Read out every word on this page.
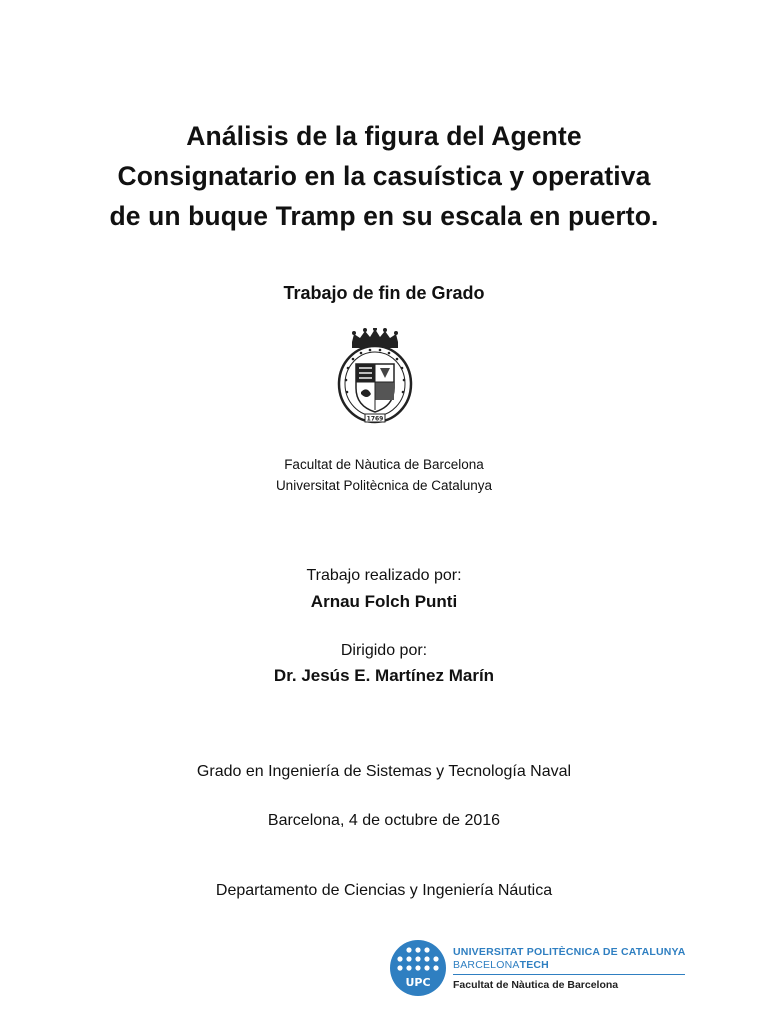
Análisis de la figura del Agente
Consignatario en la casuística y operativa
de un buque Tramp en su escala en puerto.
Trabajo de fin de Grado
1769
Facultat de Nàutica de Barcelona
Universitat Politècnica de Catalunya
Trabajo realizado por:
Arnau Folch Punti
Dirigido por:
Dr. Jesús E. Martínez Marín
Grado en Ingeniería de Sistemas y Tecnología Naval
Barcelona, 4 de octubre de 2016
Departamento de Ciencias y Ingeniería Náutica
UPC
UNIVERSITAT POLITÈCNICA DE CATALUNYA
BARCELONATECH
Facultat de Nàutica de Barcelona
